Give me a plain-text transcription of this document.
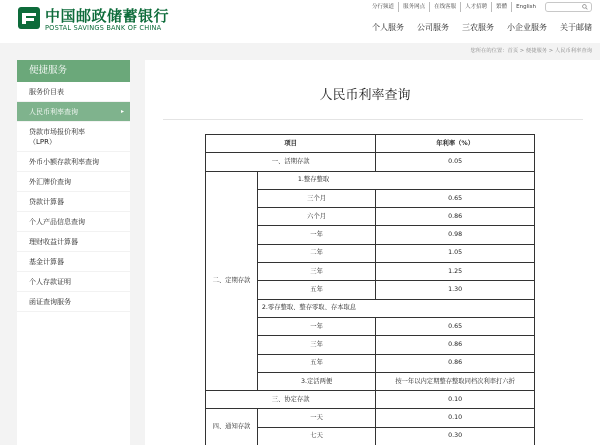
中国邮政储蓄银行
POSTAL SAVINGS BANK OF CHINA
分行频道	服务网点	在线客服	人才招聘	繁體	English
个人服务 公司服务 三农服务 小企业服务 关于邮储
您所在的位置：首页 > 便捷服务 > 人民币利率查询
便捷服务
服务价目表
人民币利率查询	▸
贷款市场报价利率
（LPR）
外币小额存款利率查询
外汇牌价查询
贷款计算器
个人产品信息查询
理财收益计算器
基金计算器
个人存款证明
函证查询服务
人民币利率查询
项目		年利率（%）
一、活期存款		0.05
二、定期存款	1.整存整取	
	三个月	0.65
	六个月	0.86
	一年	0.98
	二年	1.05
	三年	1.25
	五年	1.30
	2.零存整取、整存零取、存本取息	
	一年	0.65
	三年	0.86
	五年	0.86
	3.定活两便	按一年以内定期整存整取同档次利率打六折
三、协定存款		0.10
四、通知存款	一天	0.10
	七天	0.30
